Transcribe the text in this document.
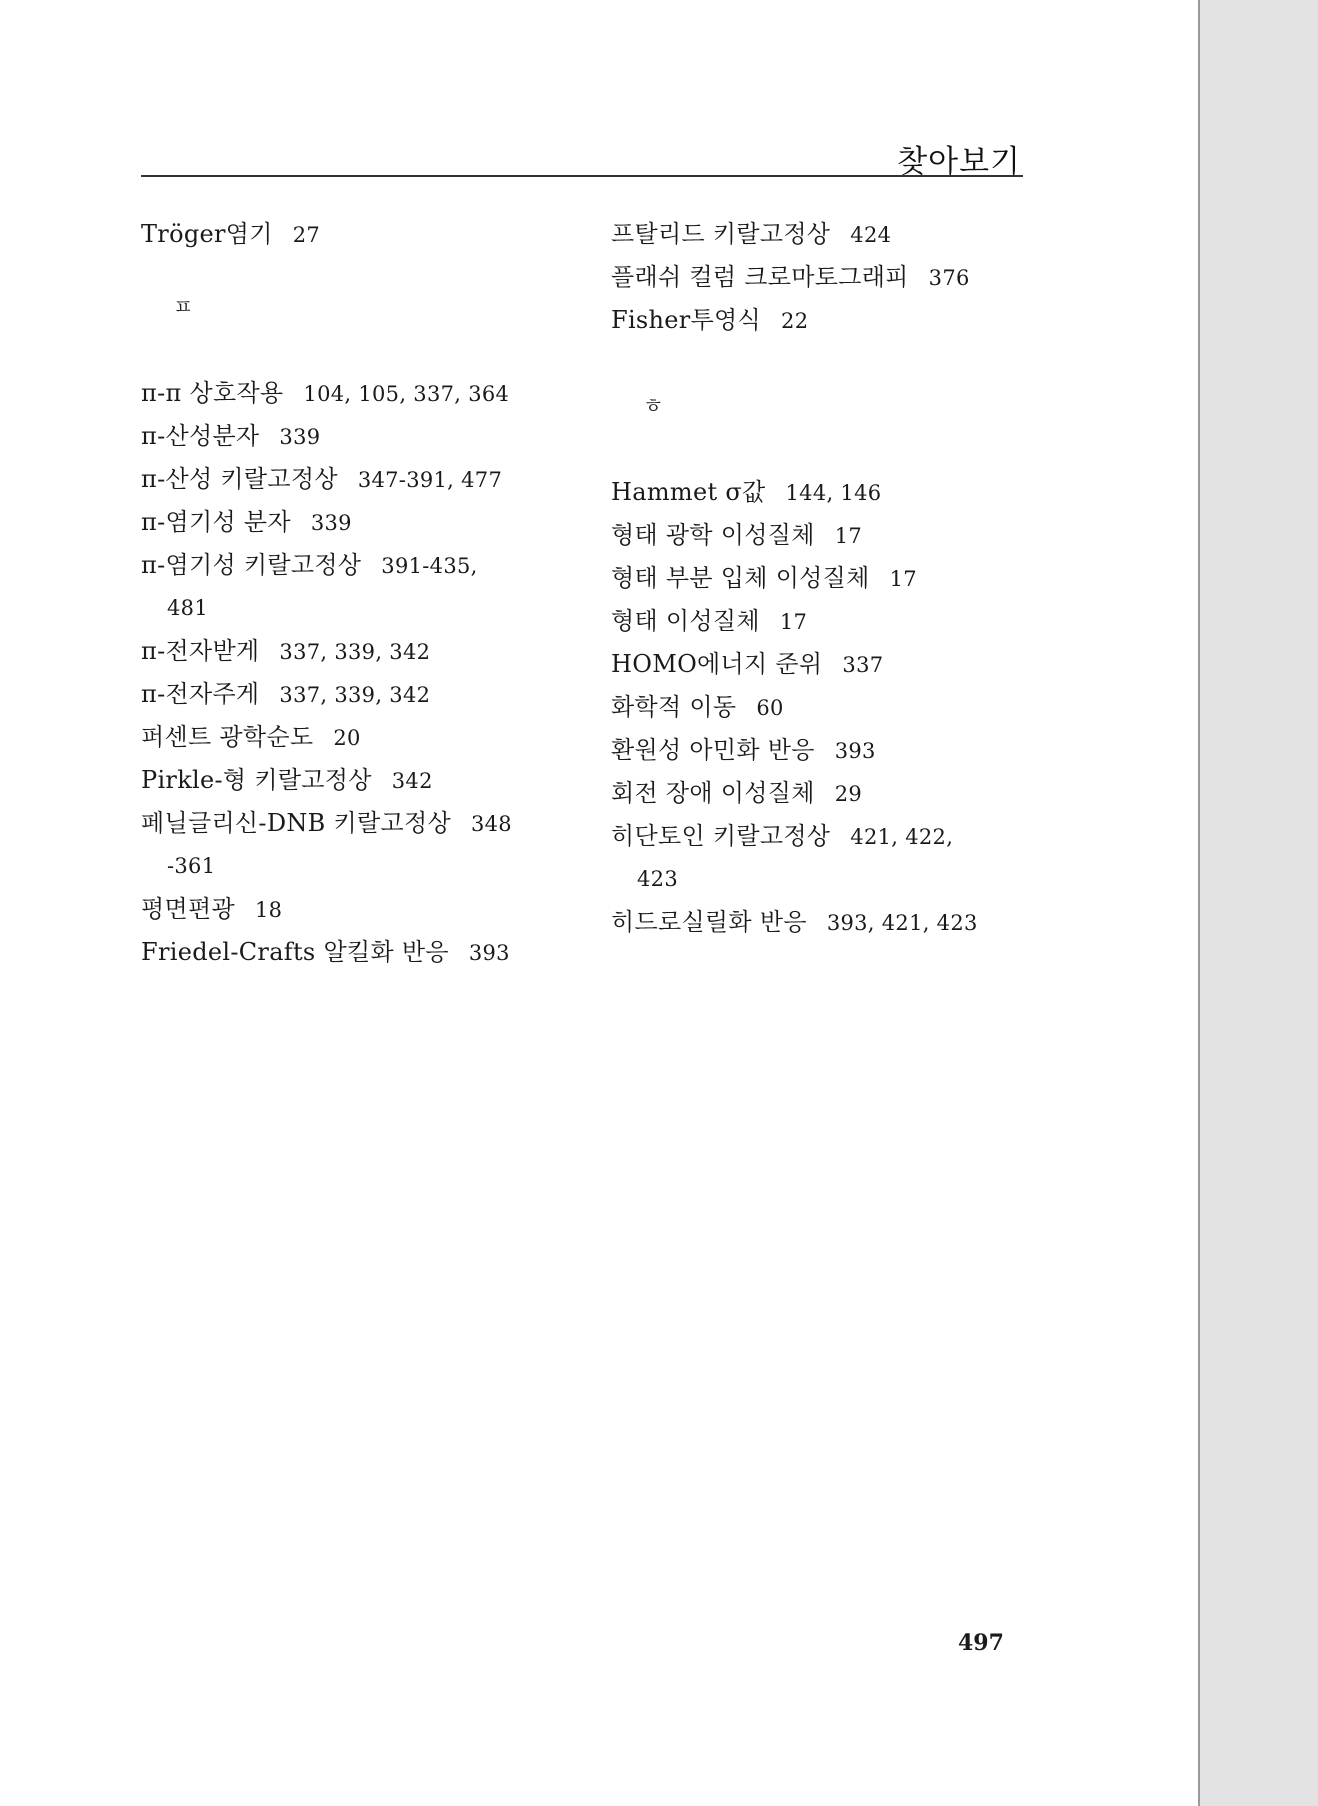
찾아보기
Tröger염기 27
ㅍ
π-π 상호작용 104, 105, 337, 364
π-산성분자 339
π-산성 키랄고정상 347-391, 477
π-염기성 분자 339
π-염기성 키랄고정상 391-435,
481
π-전자받게 337, 339, 342
π-전자주게 337, 339, 342
퍼센트 광학순도 20
Pirkle-형 키랄고정상 342
페닐글리신-DNB 키랄고정상 348
-361
평면편광 18
Friedel-Crafts 알킬화 반응 393
프탈리드 키랄고정상 424
플래쉬 컬럼 크로마토그래피 376
Fisher투영식 22
ㅎ
Hammet σ값 144, 146
형태 광학 이성질체 17
형태 부분 입체 이성질체 17
형태 이성질체 17
HOMO에너지 준위 337
화학적 이동 60
환원성 아민화 반응 393
회전 장애 이성질체 29
히단토인 키랄고정상 421, 422,
423
히드로실릴화 반응 393, 421, 423
497
